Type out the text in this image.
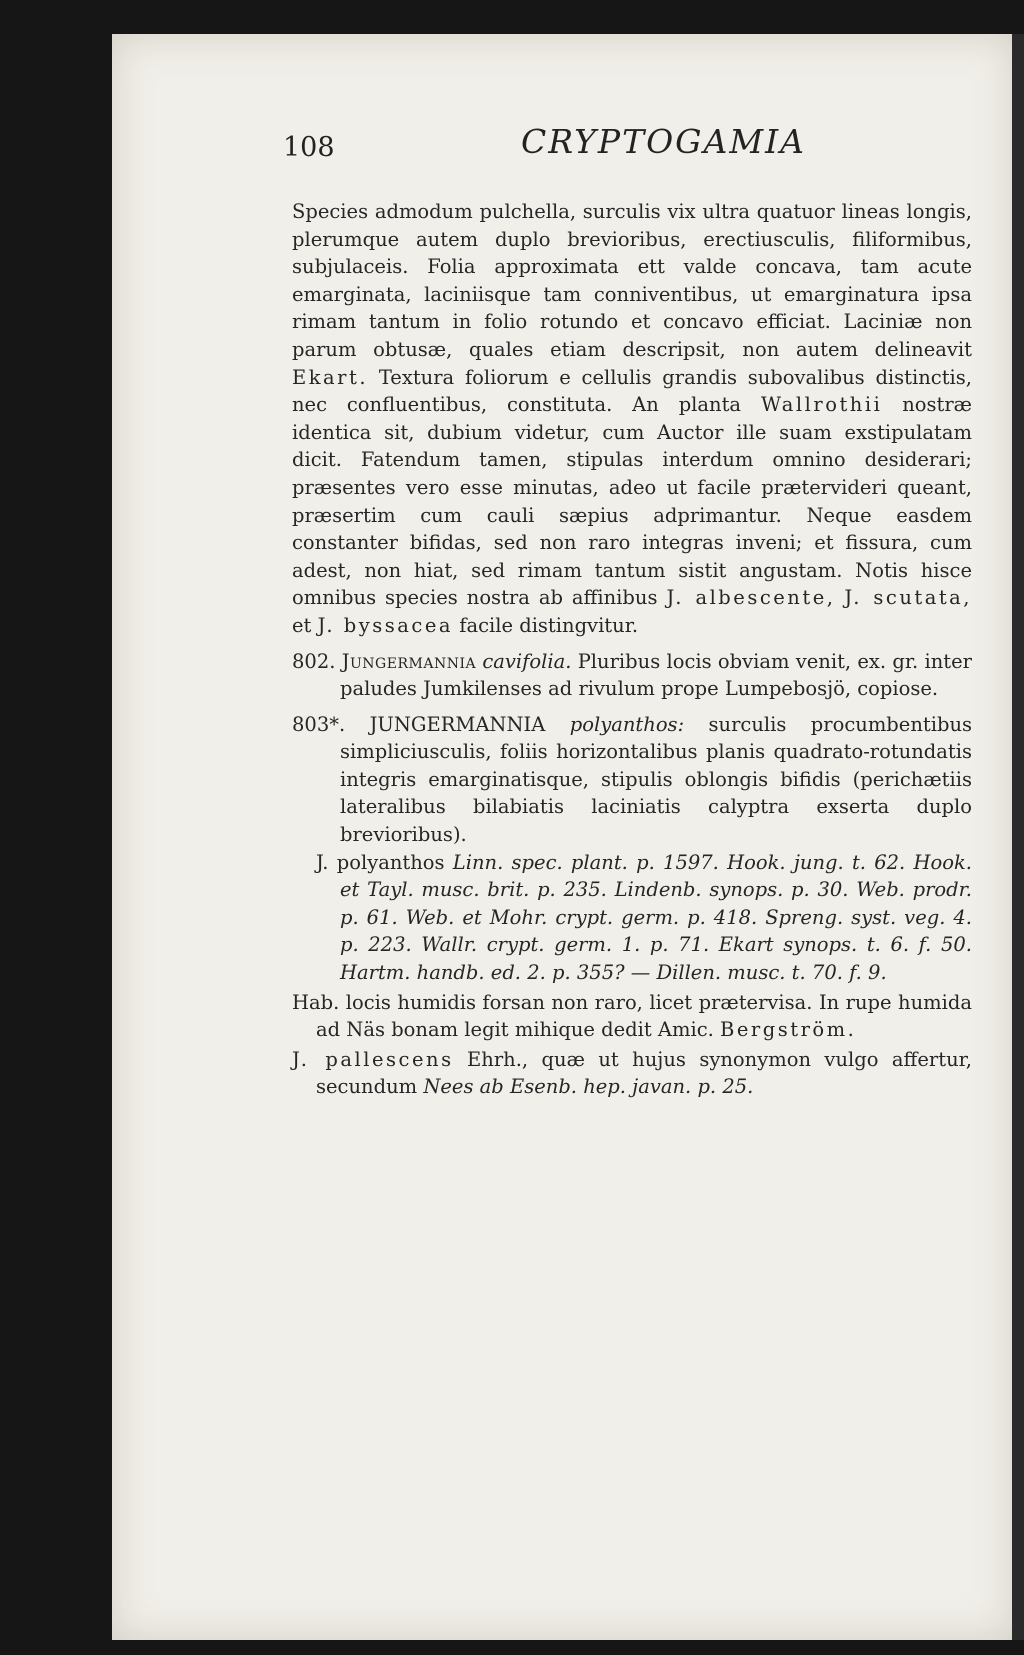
108	CRYPTOGAMIA

Species admodum pulchella, surculis vix ultra quatuor lineas longis, plerumque autem duplo brevioribus, erectiusculis, filiformibus, subjulaceis. Folia approximata ett valde concava, tam acute emarginata, laciniisque tam conniventibus, ut emarginatura ipsa rimam tantum in folio rotundo et concavo efficiat. Laciniæ non parum obtusæ, quales etiam descripsit, non autem delineavit Ekart. Textura foliorum e cellulis grandis subovalibus distinctis, nec confluentibus, constituta. An planta Wallrothii nostræ identica sit, dubium videtur, cum Auctor ille suam exstipulatam dicit. Fatendum tamen, stipulas interdum omnino desiderari; præsentes vero esse minutas, adeo ut facile prætervideri queant, præsertim cum cauli sæpius adprimantur. Neque easdem constanter bifidas, sed non raro integras inveni; et fissura, cum adest, non hiat, sed rimam tantum sistit angustam. Notis hisce omnibus species nostra ab affinibus J. albescente, J. scutata, et J. byssacea facile distingvitur.

802. Jungermannia cavifolia. Pluribus locis obviam venit, ex. gr. inter paludes Jumkilenses ad rivulum prope Lumpebosjö, copiose.

803*. JUNGERMANNIA polyanthos: surculis procumbentibus simpliciusculis, foliis horizontalibus planis quadrato-rotundatis integris emarginatisque, stipulis oblongis bifidis (perichætiis lateralibus bilabiatis laciniatis calyptra exserta duplo brevioribus).

J. polyanthos Linn. spec. plant. p. 1597. Hook. jung. t. 62. Hook. et Tayl. musc. brit. p. 235. Lindenb. synops. p. 30. Web. prodr. p. 61. Web. et Mohr. crypt. germ. p. 418. Spreng. syst. veg. 4. p. 223. Wallr. crypt. germ. 1. p. 71. Ekart synops. t. 6. f. 50. Hartm. handb. ed. 2. p. 355? — Dillen. musc. t. 70. f. 9.

Hab. locis humidis forsan non raro, licet prætervisa. In rupe humida ad Näs bonam legit mihique dedit Amic. Bergström.

J. pallescens Ehrh., quæ ut hujus synonymon vulgo affertur, secundum Nees ab Esenb. hep. javan. p. 25.
